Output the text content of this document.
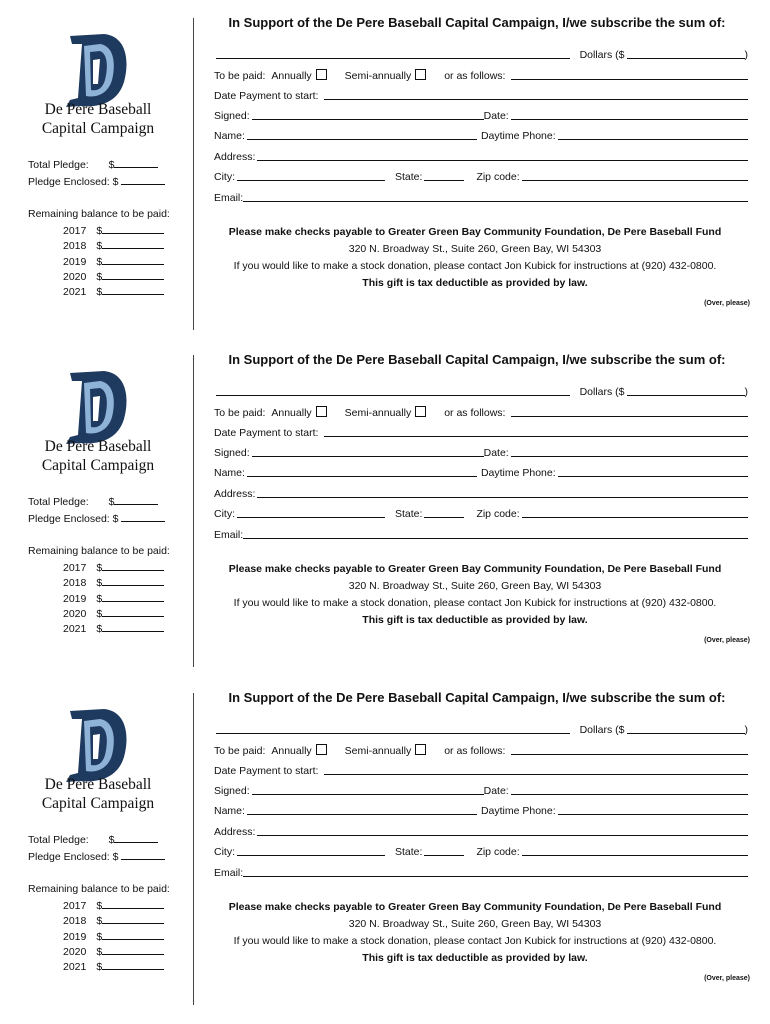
De Pere Baseball
Capital Campaign
Total Pledge: $
Pledge Enclosed: $
Remaining balance to be paid:
2017 $
2018 $
2019 $
2020 $
2021 $
In Support of the De Pere Baseball Capital Campaign, I/we subscribe the sum of:
Dollars ($	)
To be paid: Annually	Semi-annually	or as follows:
Date Payment to start:
Signed:	Date:
Name:	Daytime Phone:
Address:
City:	State:	Zip code:
Email:
Please make checks payable to Greater Green Bay Community Foundation, De Pere Baseball Fund
320 N. Broadway St., Suite 260, Green Bay, WI 54303
If you would like to make a stock donation, please contact Jon Kubick for instructions at (920) 432-0800.
This gift is tax deductible as provided by law.
(Over, please)
De Pere Baseball
Capital Campaign
Total Pledge: $
Pledge Enclosed: $
Remaining balance to be paid:
2017 $
2018 $
2019 $
2020 $
2021 $
In Support of the De Pere Baseball Capital Campaign, I/we subscribe the sum of:
Dollars ($	)
To be paid: Annually	Semi-annually	or as follows:
Date Payment to start:
Signed:	Date:
Name:	Daytime Phone:
Address:
City:	State:	Zip code:
Email:
Please make checks payable to Greater Green Bay Community Foundation, De Pere Baseball Fund
320 N. Broadway St., Suite 260, Green Bay, WI 54303
If you would like to make a stock donation, please contact Jon Kubick for instructions at (920) 432-0800.
This gift is tax deductible as provided by law.
(Over, please)
De Pere Baseball
Capital Campaign
Total Pledge: $
Pledge Enclosed: $
Remaining balance to be paid:
2017 $
2018 $
2019 $
2020 $
2021 $
In Support of the De Pere Baseball Capital Campaign, I/we subscribe the sum of:
Dollars ($	)
To be paid: Annually	Semi-annually	or as follows:
Date Payment to start:
Signed:	Date:
Name:	Daytime Phone:
Address:
City:	State:	Zip code:
Email:
Please make checks payable to Greater Green Bay Community Foundation, De Pere Baseball Fund
320 N. Broadway St., Suite 260, Green Bay, WI 54303
If you would like to make a stock donation, please contact Jon Kubick for instructions at (920) 432-0800.
This gift is tax deductible as provided by law.
(Over, please)
